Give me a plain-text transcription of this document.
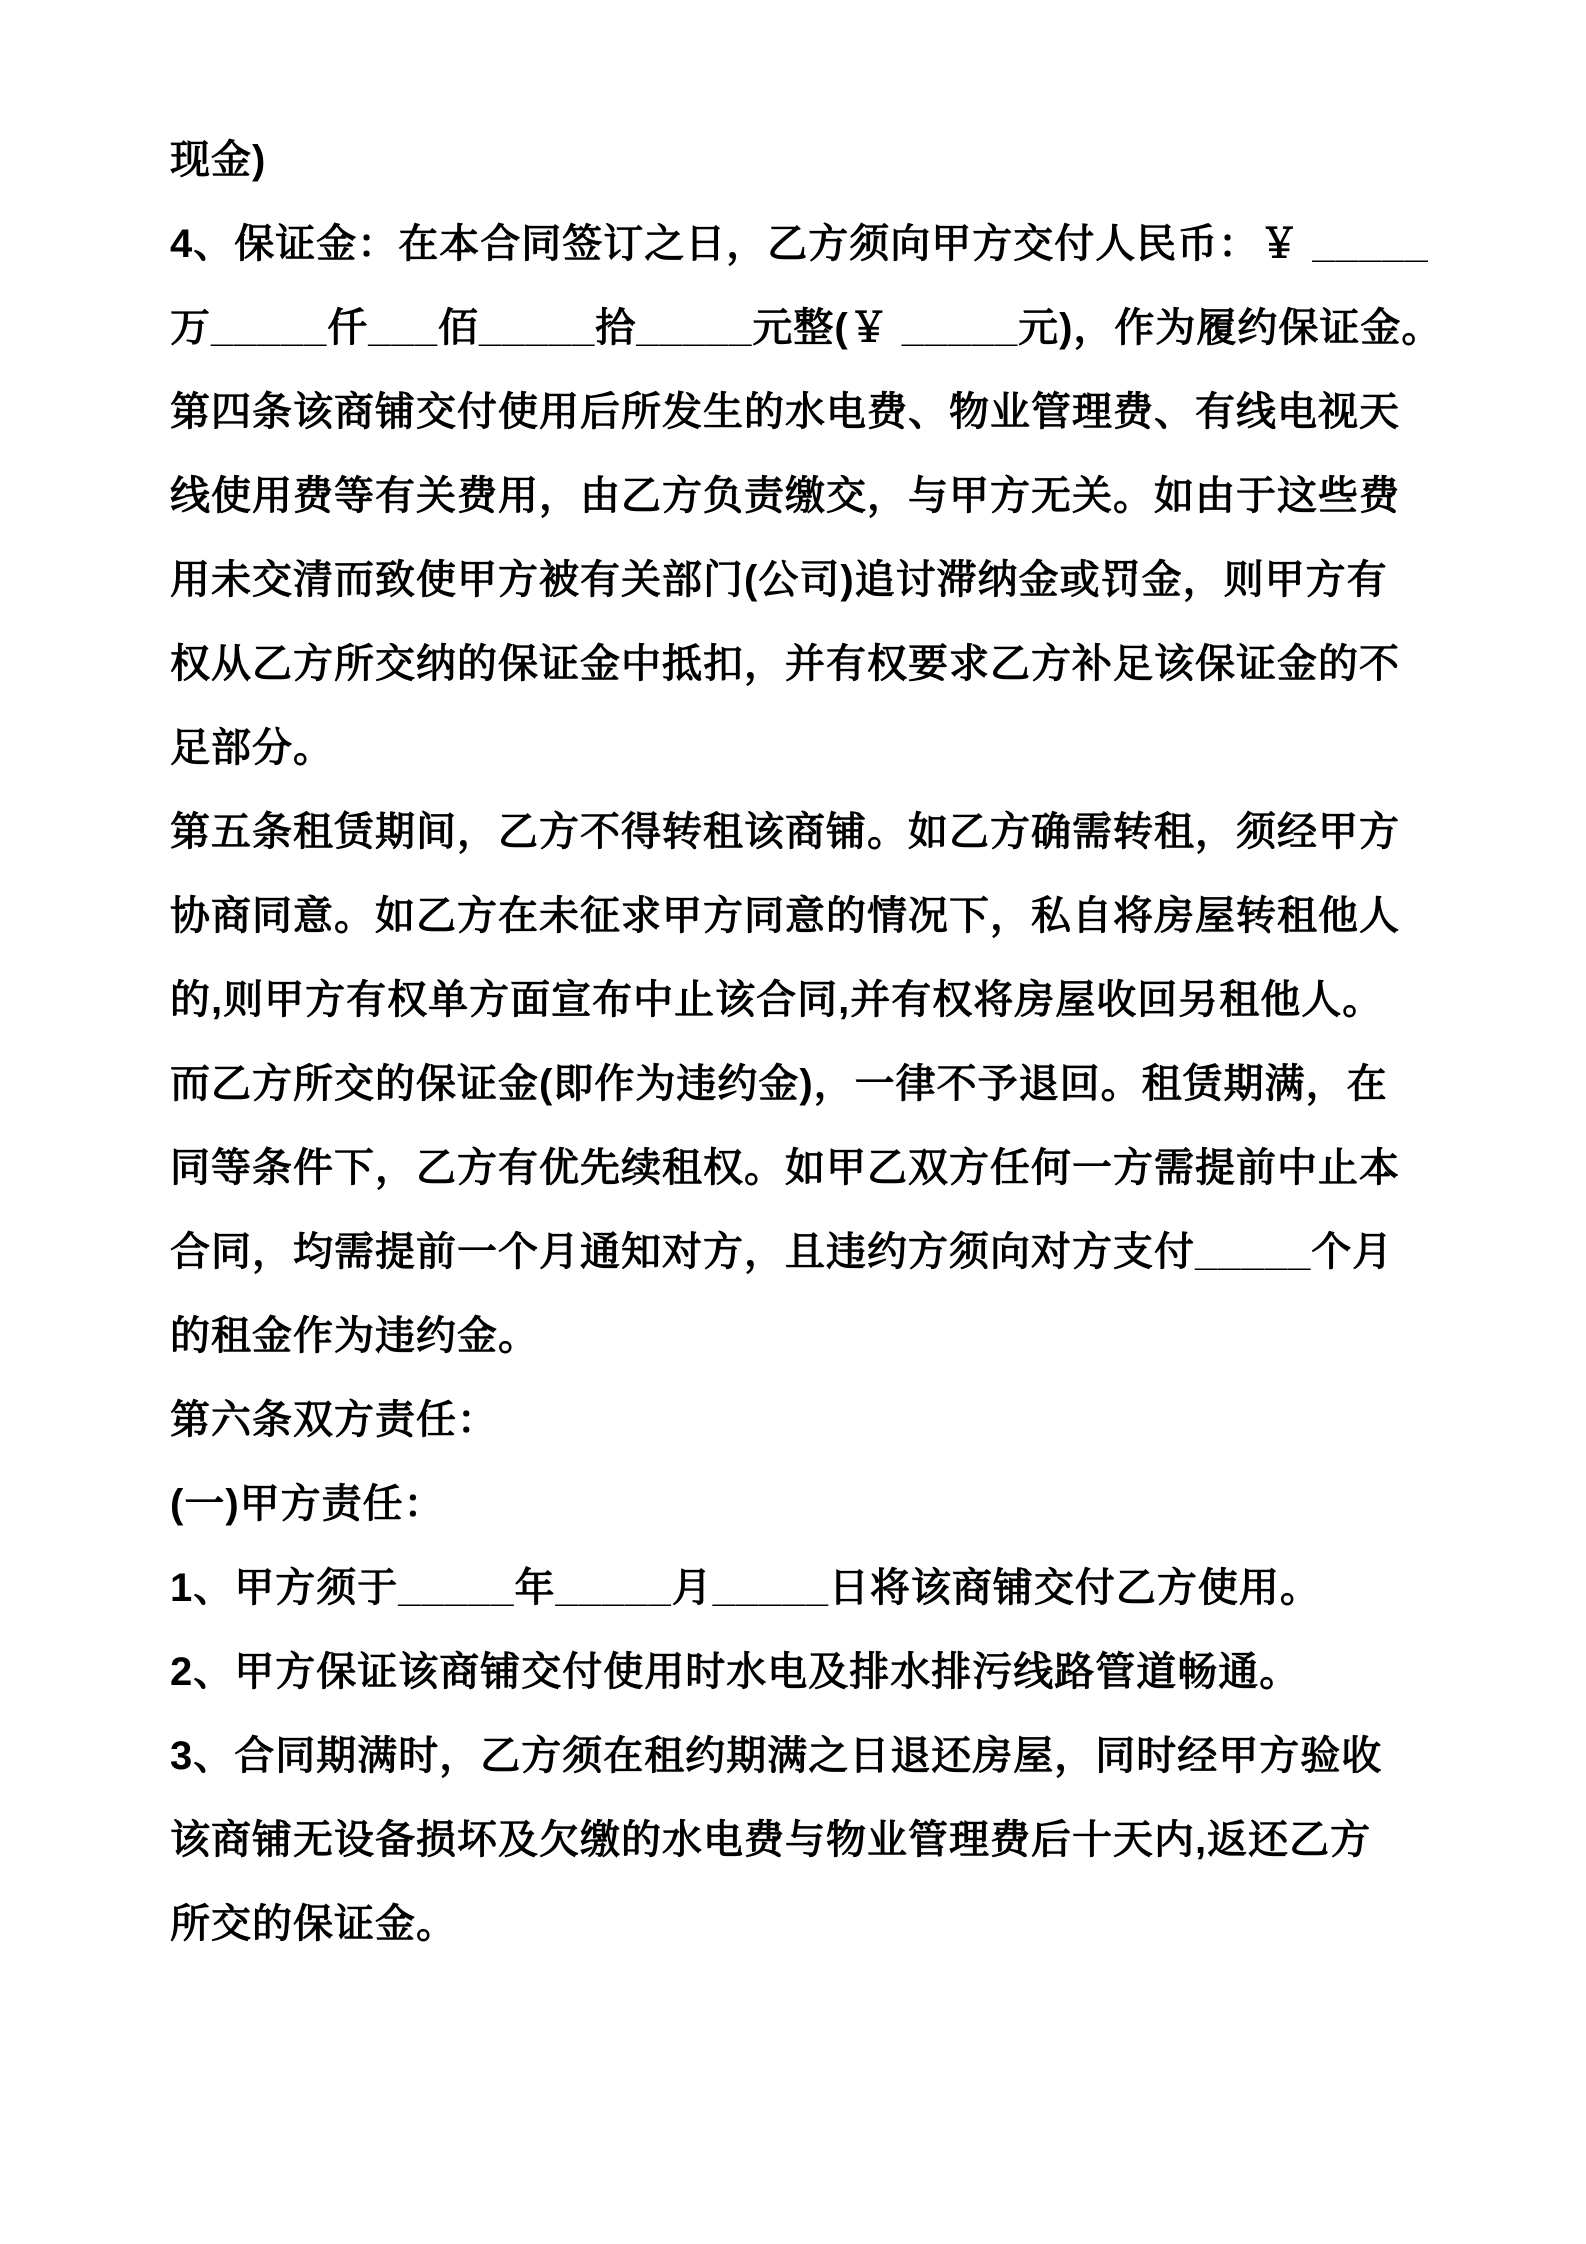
现金)

4、保证金：在本合同签订之日，乙方须向甲方交付人民币：￥ _____

万_____仟___佰_____拾_____元整(￥ _____元)，作为履约保证金。

第四条该商铺交付使用后所发生的水电费、物业管理费、有线电视天

线使用费等有关费用，由乙方负责缴交，与甲方无关。如由于这些费

用未交清而致使甲方被有关部门(公司)追讨滞纳金或罚金，则甲方有

权从乙方所交纳的保证金中抵扣，并有权要求乙方补足该保证金的不

足部分。

第五条租赁期间，乙方不得转租该商铺。如乙方确需转租，须经甲方

协商同意。如乙方在未征求甲方同意的情况下，私自将房屋转租他人

的,则甲方有权单方面宣布中止该合同,并有权将房屋收回另租他人。

而乙方所交的保证金(即作为违约金)，一律不予退回。租赁期满，在

同等条件下，乙方有优先续租权。如甲乙双方任何一方需提前中止本

合同，均需提前一个月通知对方，且违约方须向对方支付_____个月

的租金作为违约金。

第六条双方责任：

(一)甲方责任：

1、甲方须于_____年_____月_____日将该商铺交付乙方使用。

2、甲方保证该商铺交付使用时水电及排水排污线路管道畅通。

3、合同期满时，乙方须在租约期满之日退还房屋，同时经甲方验收

该商铺无设备损坏及欠缴的水电费与物业管理费后十天内,返还乙方

所交的保证金。
